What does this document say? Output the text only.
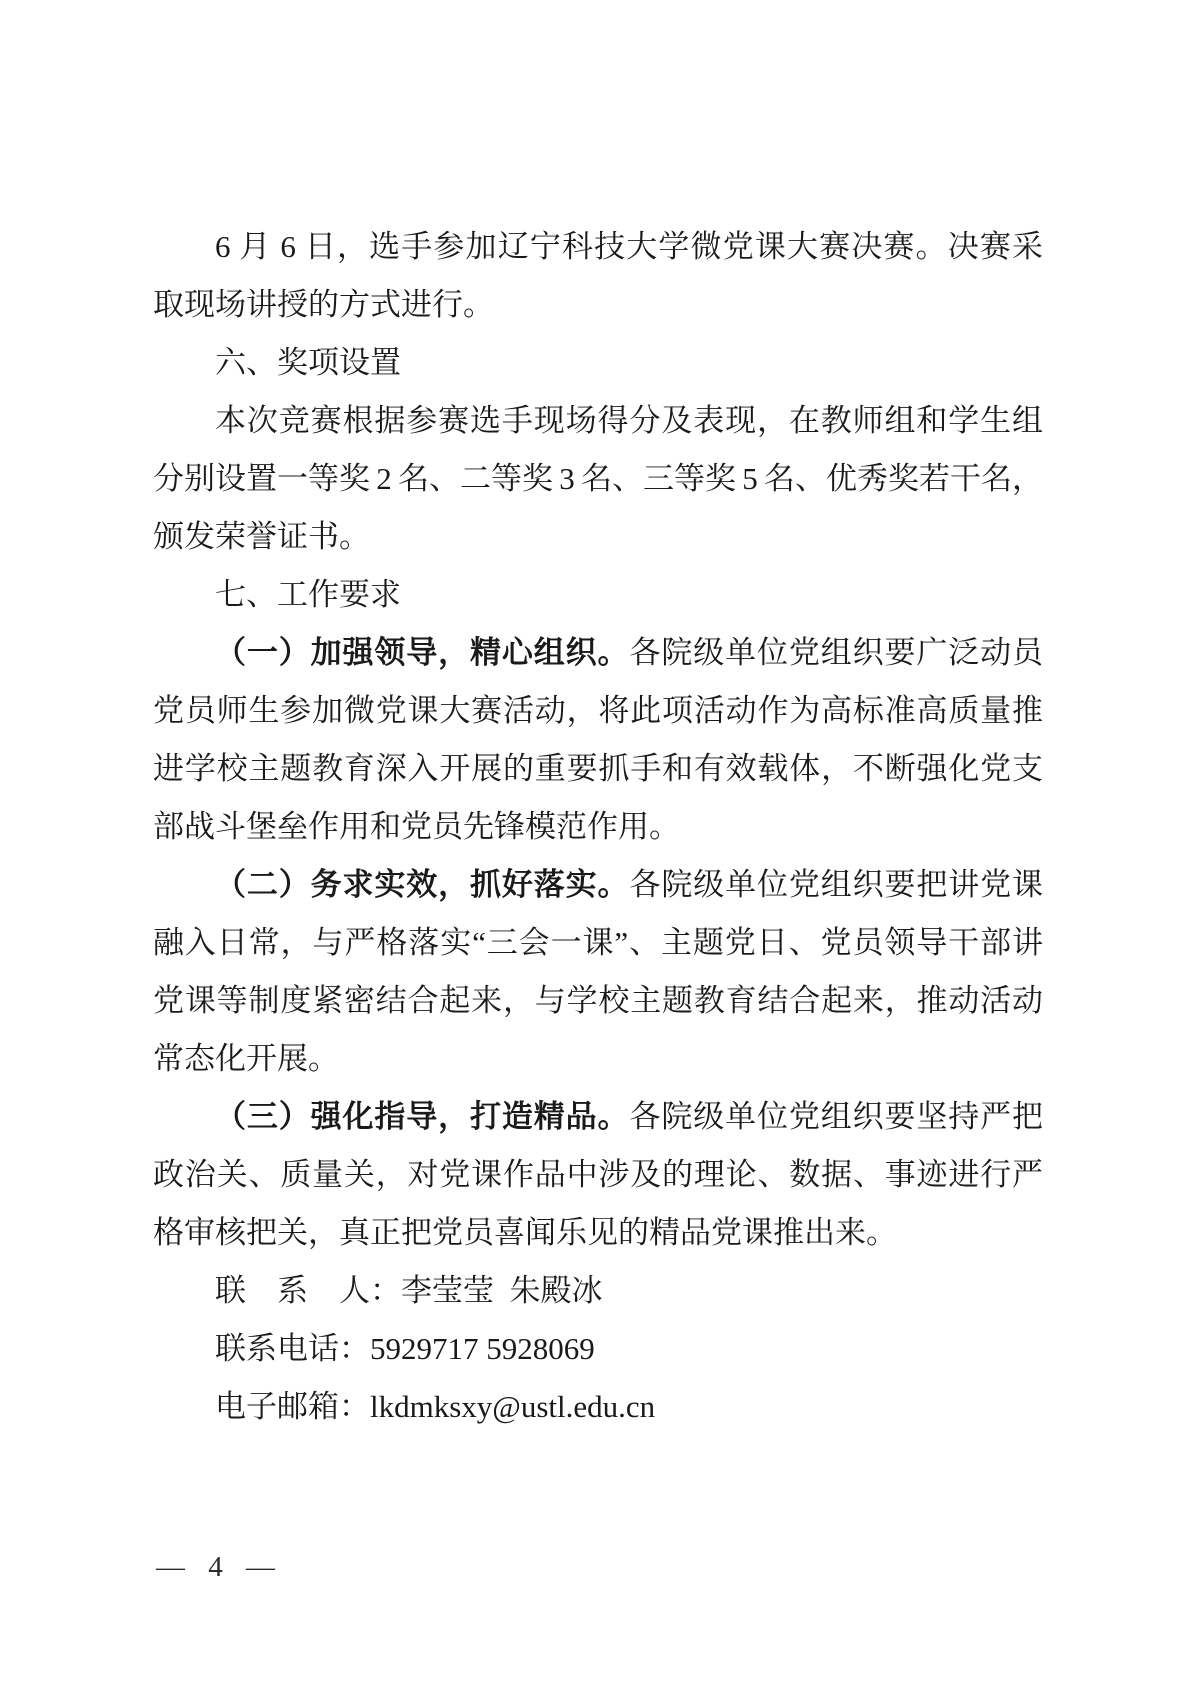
6 月 6 日，选手参加辽宁科技大学微党课大赛决赛。决赛采取现场讲授的方式进行。

六、奖项设置

本次竞赛根据参赛选手现场得分及表现，在教师组和学生组分别设置一等奖 2 名、二等奖 3 名、三等奖 5 名、优秀奖若干名，颁发荣誉证书。

七、工作要求

（一）加强领导，精心组织。各院级单位党组织要广泛动员党员师生参加微党课大赛活动，将此项活动作为高标准高质量推进学校主题教育深入开展的重要抓手和有效载体，不断强化党支部战斗堡垒作用和党员先锋模范作用。

（二）务求实效，抓好落实。各院级单位党组织要把讲党课融入日常，与严格落实“三会一课”、主题党日、党员领导干部讲党课等制度紧密结合起来，与学校主题教育结合起来，推动活动常态化开展。

（三）强化指导，打造精品。各院级单位党组织要坚持严把政治关、质量关，对党课作品中涉及的理论、数据、事迹进行严格审核把关，真正把党员喜闻乐见的精品党课推出来。

联　系　人：李莹莹 朱殿冰

联系电话：5929717 5928069

电子邮箱：lkdmksxy@ustl.edu.cn

— 4 —
